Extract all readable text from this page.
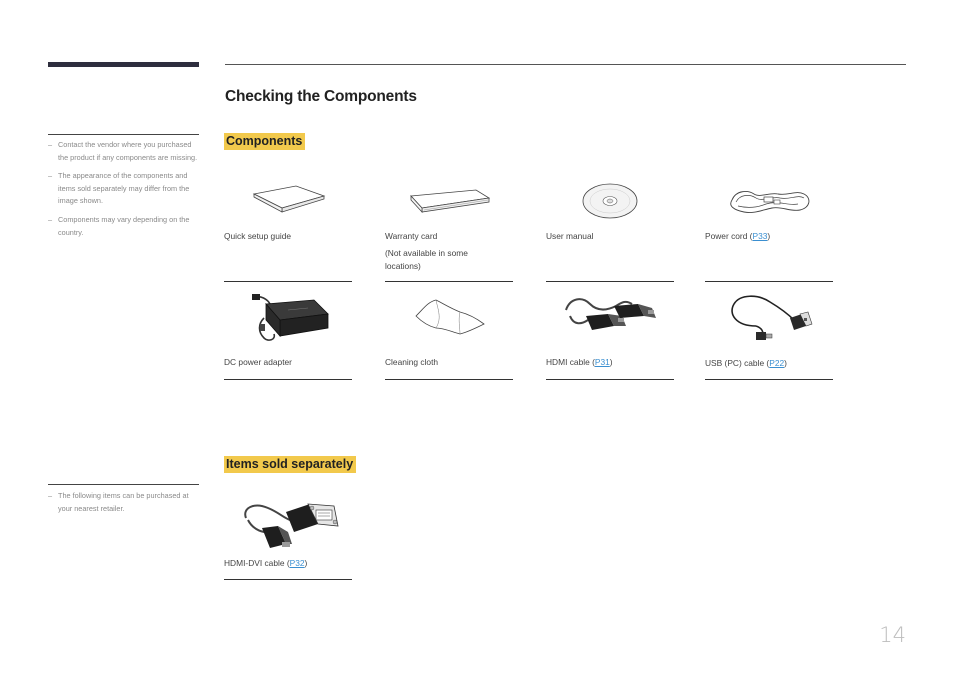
Checking the Components
– Contact the vendor where you purchased the product if any components are missing.
– The appearance of the components and items sold separately may differ from the image shown.
– Components may vary depending on the country.
– The following items can be purchased at your nearest retailer.
Components
Quick setup guide	Warranty card
(Not available in some locations)
User manual	Power cord (P33)
DC power adapter	Cleaning cloth	HDMI cable (P31)	USB (PC) cable (P22)
Items sold separately
HDMI-DVI cable (P32)
14
